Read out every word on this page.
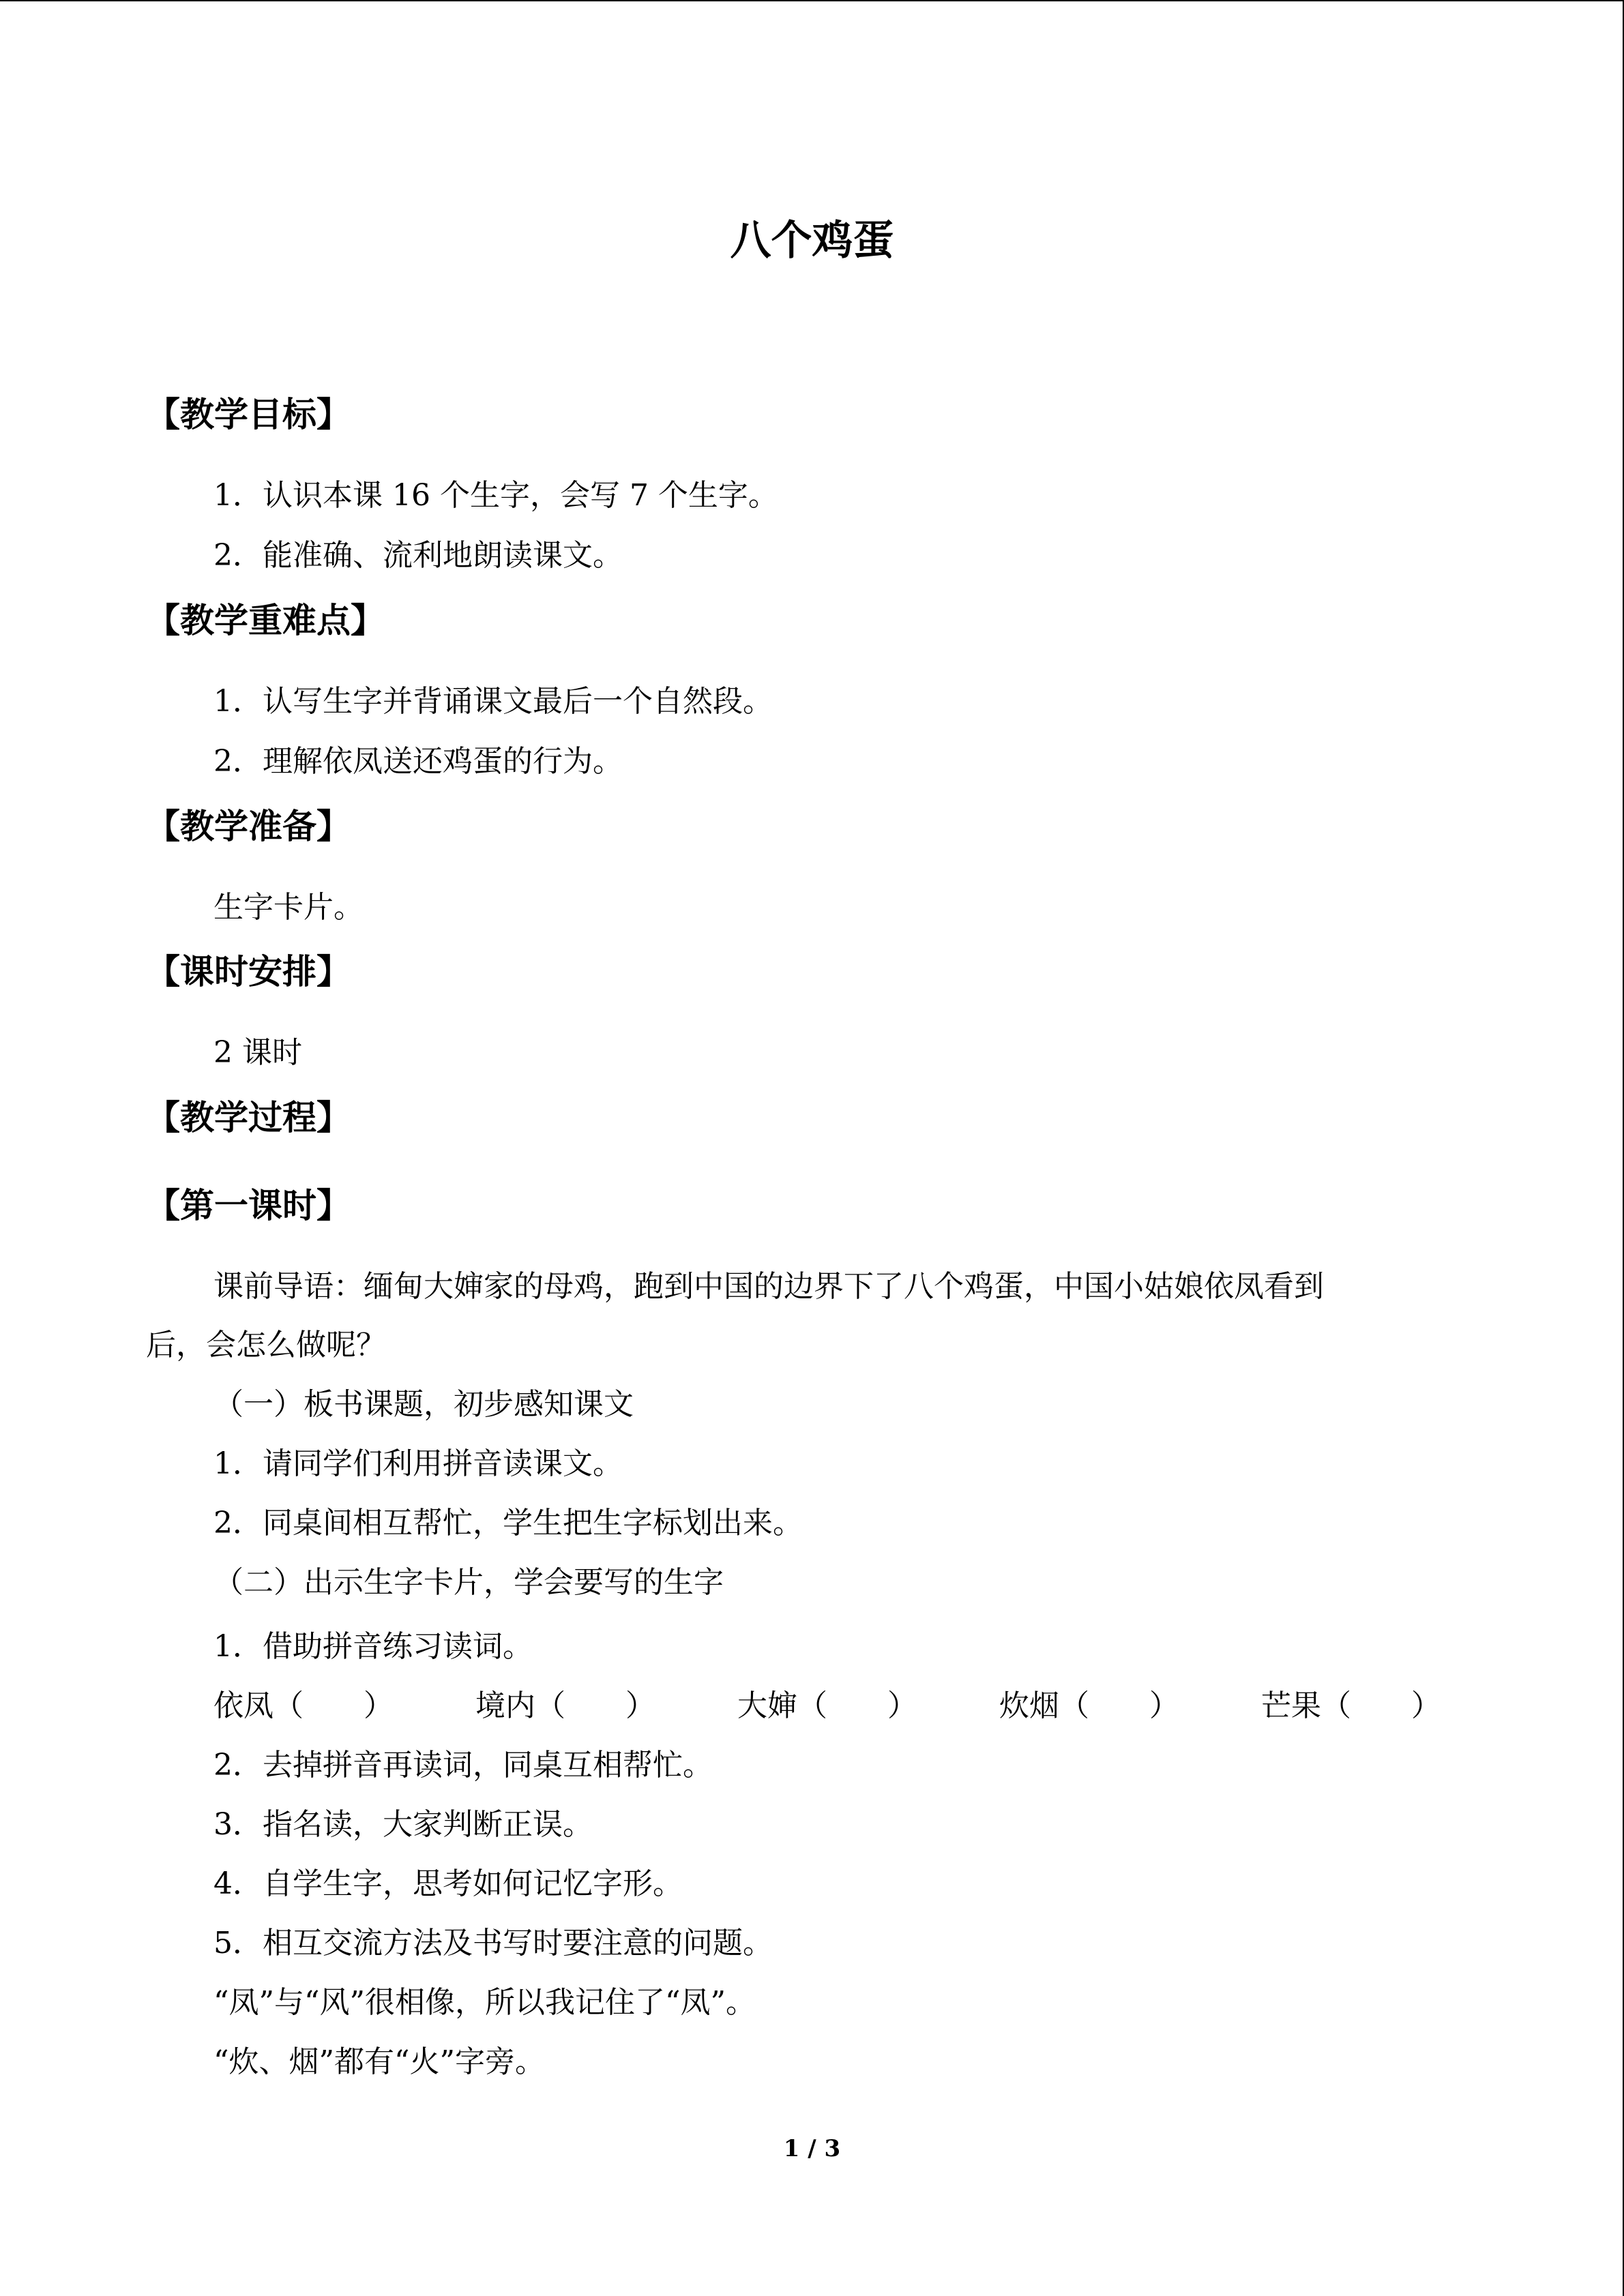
八个鸡蛋
【教学目标】
1．认识本课 16 个生字，会写 7 个生字。
2．能准确、流利地朗读课文。
【教学重难点】
1．认写生字并背诵课文最后一个自然段。
2．理解依凤送还鸡蛋的行为。
【教学准备】
生字卡片。
【课时安排】
2 课时
【教学过程】
【第一课时】
课前导语：缅甸大婶家的母鸡，跑到中国的边界下了八个鸡蛋，中国小姑娘依凤看到
后，会怎么做呢？
（一）板书课题，初步感知课文
1．请同学们利用拼音读课文。
2．同桌间相互帮忙，学生把生字标划出来。
（二）出示生字卡片，学会要写的生字
1．借助拼音练习读词。
依凤（　　）	境内（　　）	大婶（　　）	炊烟（　　）	芒果（　　）
2．去掉拼音再读词，同桌互相帮忙。
3．指名读，大家判断正误。
4．自学生字，思考如何记忆字形。
5．相互交流方法及书写时要注意的问题。
“凤”与“风”很相像，所以我记住了“凤”。
“炊、烟”都有“火”字旁。
1 / 3
